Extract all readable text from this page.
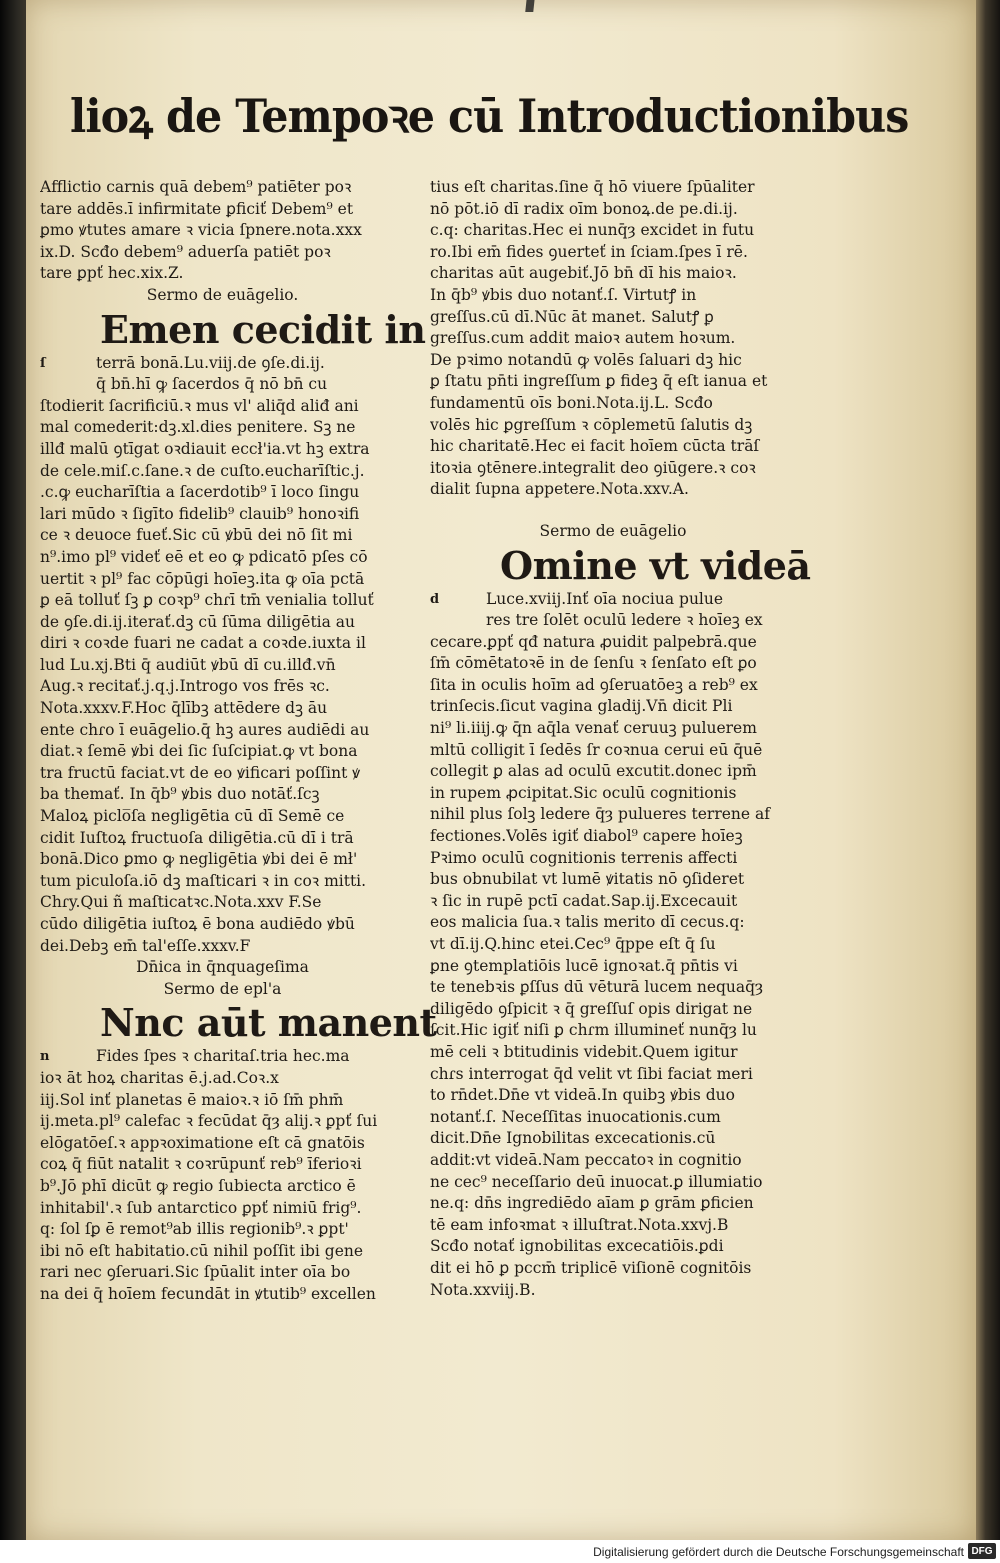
lioꝝ de Tempoꝛe cū Introductionibus
Afflictio carnis quā debem⁹ patiēter poꝛ
tare addēs.ī infirmitate ꝑficiť Debem⁹ et
ꝑmo ꝟtutes amare ꝛ vicia ſpnere.nota.xxx
ix.D. Scđo debem⁹ aduerſa patiēt poꝛ
tare ꝑpť hec.xix.Z.
Sermo de euāgelio.
Emen cecidit in
ſ	terrā bonā.Lu.viij.de ꝯſe.di.ij.
q̄ bn̄.hī ꝙ ſacerdos q̄ nō bn̄ cu
ſtodierit ſacrificiū.ꝛ mus vl' aliq̄d aliđ ani
mal comederit:dꝫ.xl.dies penitere. Sꝫ ne
illđ malū ꝯtīgat oꝛdiauit eccł'ia.vt hꝫ extra
de cele.miſ.c.ſane.ꝛ de cuſto.eucharīſtic.j.
.c.ꝙ eucharīſtia a ſacerdotib⁹ ī loco ſingu
lari mūdo ꝛ ſigīto fidelib⁹ clauib⁹ honoꝛifi
ce ꝛ deuoce fueť.Sic cū ꝟbū dei nō ſit mi
n⁹.imo pl⁹ videť eē et eo ꝙ pdicatō pſes cō
uertit ꝛ pl⁹ fac cōpūgi hoīeꝫ.ita ꝙ oīa pctā
ꝑ eā tolluť ſꝫ ꝑ coꝛp⁹ chɾī tm̄ venialia tolluť
de ꝯſe.di.ij.iterať.dꝫ cū ſūma diligētia au
diri ꝛ coꝛde fuari ne cadat a coꝛde.iuxta il
lud Lu.xj.Bti q̄ audiūt ꝟbū dī cu.illđ.vn̄
Aug.ꝛ recitať.j.q.j.Introgo vos frēs ꝛc.
Nota.xxxv.F.Hoc q̄lībꝫ attēdere dꝫ āu
ente chɾo ī euāgelio.q̄ hꝫ aures audiēdi au
diat.ꝛ ſemē ꝟbi dei ſic ſuſcipiat.ꝙ vt bona
tra fructū faciat.vt de eo ꝟificari poſſint ꝟ
ba themať. In q̄b⁹ ꝟbis duo notāť.ſcꝫ
Maloꝝ piclo̅ſa negligētia cū dī Semē ce
cidit Iuſtoꝝ fructuoſa diligētia.cū dī i trā
bonā.Dico ꝑmo ꝙ negligētia ꝟbi dei ē mł'
tum piculoſa.iō dꝫ maſticari ꝛ in coꝛ mitti.
Chɾy.Qui ñ maſticatꝛc.Nota.xxv F.Se
cūdo diligētia iuſtoꝝ ē bona audiēdo ꝟbū
dei.Debꝫ em̄ tal'eſſe.xxxv.F
Dn̄ica in q̄nquageſima
Sermo de epl'a
Nnc aūt manent
n	Fides ſpes ꝛ charitaſ.tria hec.ma
ioꝛ āt hoꝝ charitas ē.j.ad.Coꝛ.x
iij.Sol inť planetas ē maioꝛ.ꝛ iō ſm̄ phm̄
ij.meta.pl⁹ calefac ꝛ fecūdat q̄ȝ alij.ꝛ ꝑpť ſui
elōgatōeſ.ꝛ appꝛoximatione eſt cā gnatōis
coꝝ q̄ fiūt natalit ꝛ coꝛrūpunť reb⁹ īferioꝛi
b⁹.Jō phī dicūt ꝙ regio ſubiecta arctico ē
inhitabil'.ꝛ ſub antarctico ꝑpť nimiū frig⁹.
q: ſol ſꝑ ē remot⁹ab illis regionib⁹.ꝛ ꝑpt'
ibi nō eſt habitatio.cū nihil poſſit ibi gene
rari nec ꝯſeruari.Sic ſpūalit inter oīa bo
na dei q̄ hoīem fecundāt in ꝟtutib⁹ excellen
tius eſt charitas.ſine q̄ hō viuere ſpūaliter
nō pōt.iō dī radix oīm bonoꝝ.de pe.di.ij.
c.q: charitas.Hec ei nunq̄ȝ excidet in futu
ro.Ibi em̄ fides ꝯuerteť in ſciam.ſpes ī rē.
charitas aūt augebiť.Jō bn̄ dī his maioꝛ.
In q̄b⁹ ꝟbis duo notanť.ſ. Virtutꝭ in
greſſus.cū dī.Nūc āt manet. Salutꝭ ꝑ
greſſus.cum addit maioꝛ autem hoꝛum.
De pꝛimo notandū ꝙ volēs ſaluari dꝫ hic
ꝑ ſtatu pn̄ti ingreſſum ꝑ fideꝫ q̄ eſt ianua et
fundamentū oīs boni.Nota.ij.L. Scđo
volēs hic ꝑgreſſum ꝛ cōplemetū ſalutis dꝫ
hic charitatē.Hec ei facit hoīem cūcta trāſ
itoꝛia ꝯtēnere.integralit deo ꝯiūgere.ꝛ coꝛ
dialit ſupna appetere.Nota.xxv.A.
Sermo de euāgelio
Omine vt videā
d	Luce.xviij.Inť oīa nociua pulue
res tre ſolēt oculū ledere ꝛ hoīeꝫ ex
cecare.ꝑpť qđ natura ꝓuidit palpebrā.que
ſm̄ cōmētatoꝛē in de ſenſu ꝛ ſenſato eſt ꝑo
ſita in oculis hoīm ad ꝯſeruatōeꝫ a reb⁹ ex
trinſecis.ſicut vagina gladij.Vn̄ dicit Pli
ni⁹ li.iiij.ꝙ q̄n aq̄la venať ceruuꝫ puluerem
mltū colligit ī ſedēs ſr coꝛnua cerui eū q̄uē
collegit ꝑ alas ad oculū excutit.donec ipm̄
in rupem ꝓcipitat.Sic oculū cognitionis
nihil plus ſolꝫ ledere q̄ȝ pulueres terrene af
fectiones.Volēs igiť diabol⁹ capere hoīeꝫ
Pꝛimo oculū cognitionis terrenis affecti
bus obnubilat vt lumē ꝟitatis nō ꝯſideret
ꝛ ſic in rupē pctī cadat.Sap.ij.Excecauit
eos malicia ſua.ꝛ talis merito dī cecus.q:
vt dī.ij.Q.hinc etei.Cec⁹ q̄ppe eſt q̄ ſu
ꝑne ꝯtemplatiōis lucē ignoꝛat.q̄ pn̄tis vi
te tenebꝛis ꝑſſus dū vēturā lucem nequaq̄ȝ
diligēdo ꝯſpicit ꝛ q̄ greſſuſ opis dirigat ne
ſcit.Hic igiť niſi ꝑ chɾm illumineť nunq̄ȝ lu
mē celi ꝛ btitudinis videbit.Quem igitur
chɾs interrogat q̄d velit vt ſibi faciat meri
to rn̄det.Dn̄e vt videā.In quibꝫ ꝟbis duo
notanť.ſ. Neceſſitas inuocationis.cum
dicit.Dn̄e Ignobilitas excecationis.cū
addit:vt videā.Nam peccatoꝛ in cognitio
ne cec⁹ neceſſario deū inuocat.ꝑ illumiatio
ne.q: dn̄s ingrediēdo aīam ꝑ grām ꝑficien
tē eam infoꝛmat ꝛ illuſtrat.Nota.xxvj.B
Scđo notať ignobilitas excecatiōis.ꝑdi
dit ei hō ꝑ pccm̄ triplicē viſionē cognitōis
Nota.xxviij.B.
Digitalisierung gefördert durch die Deutsche Forschungsgemeinschaft DFG
